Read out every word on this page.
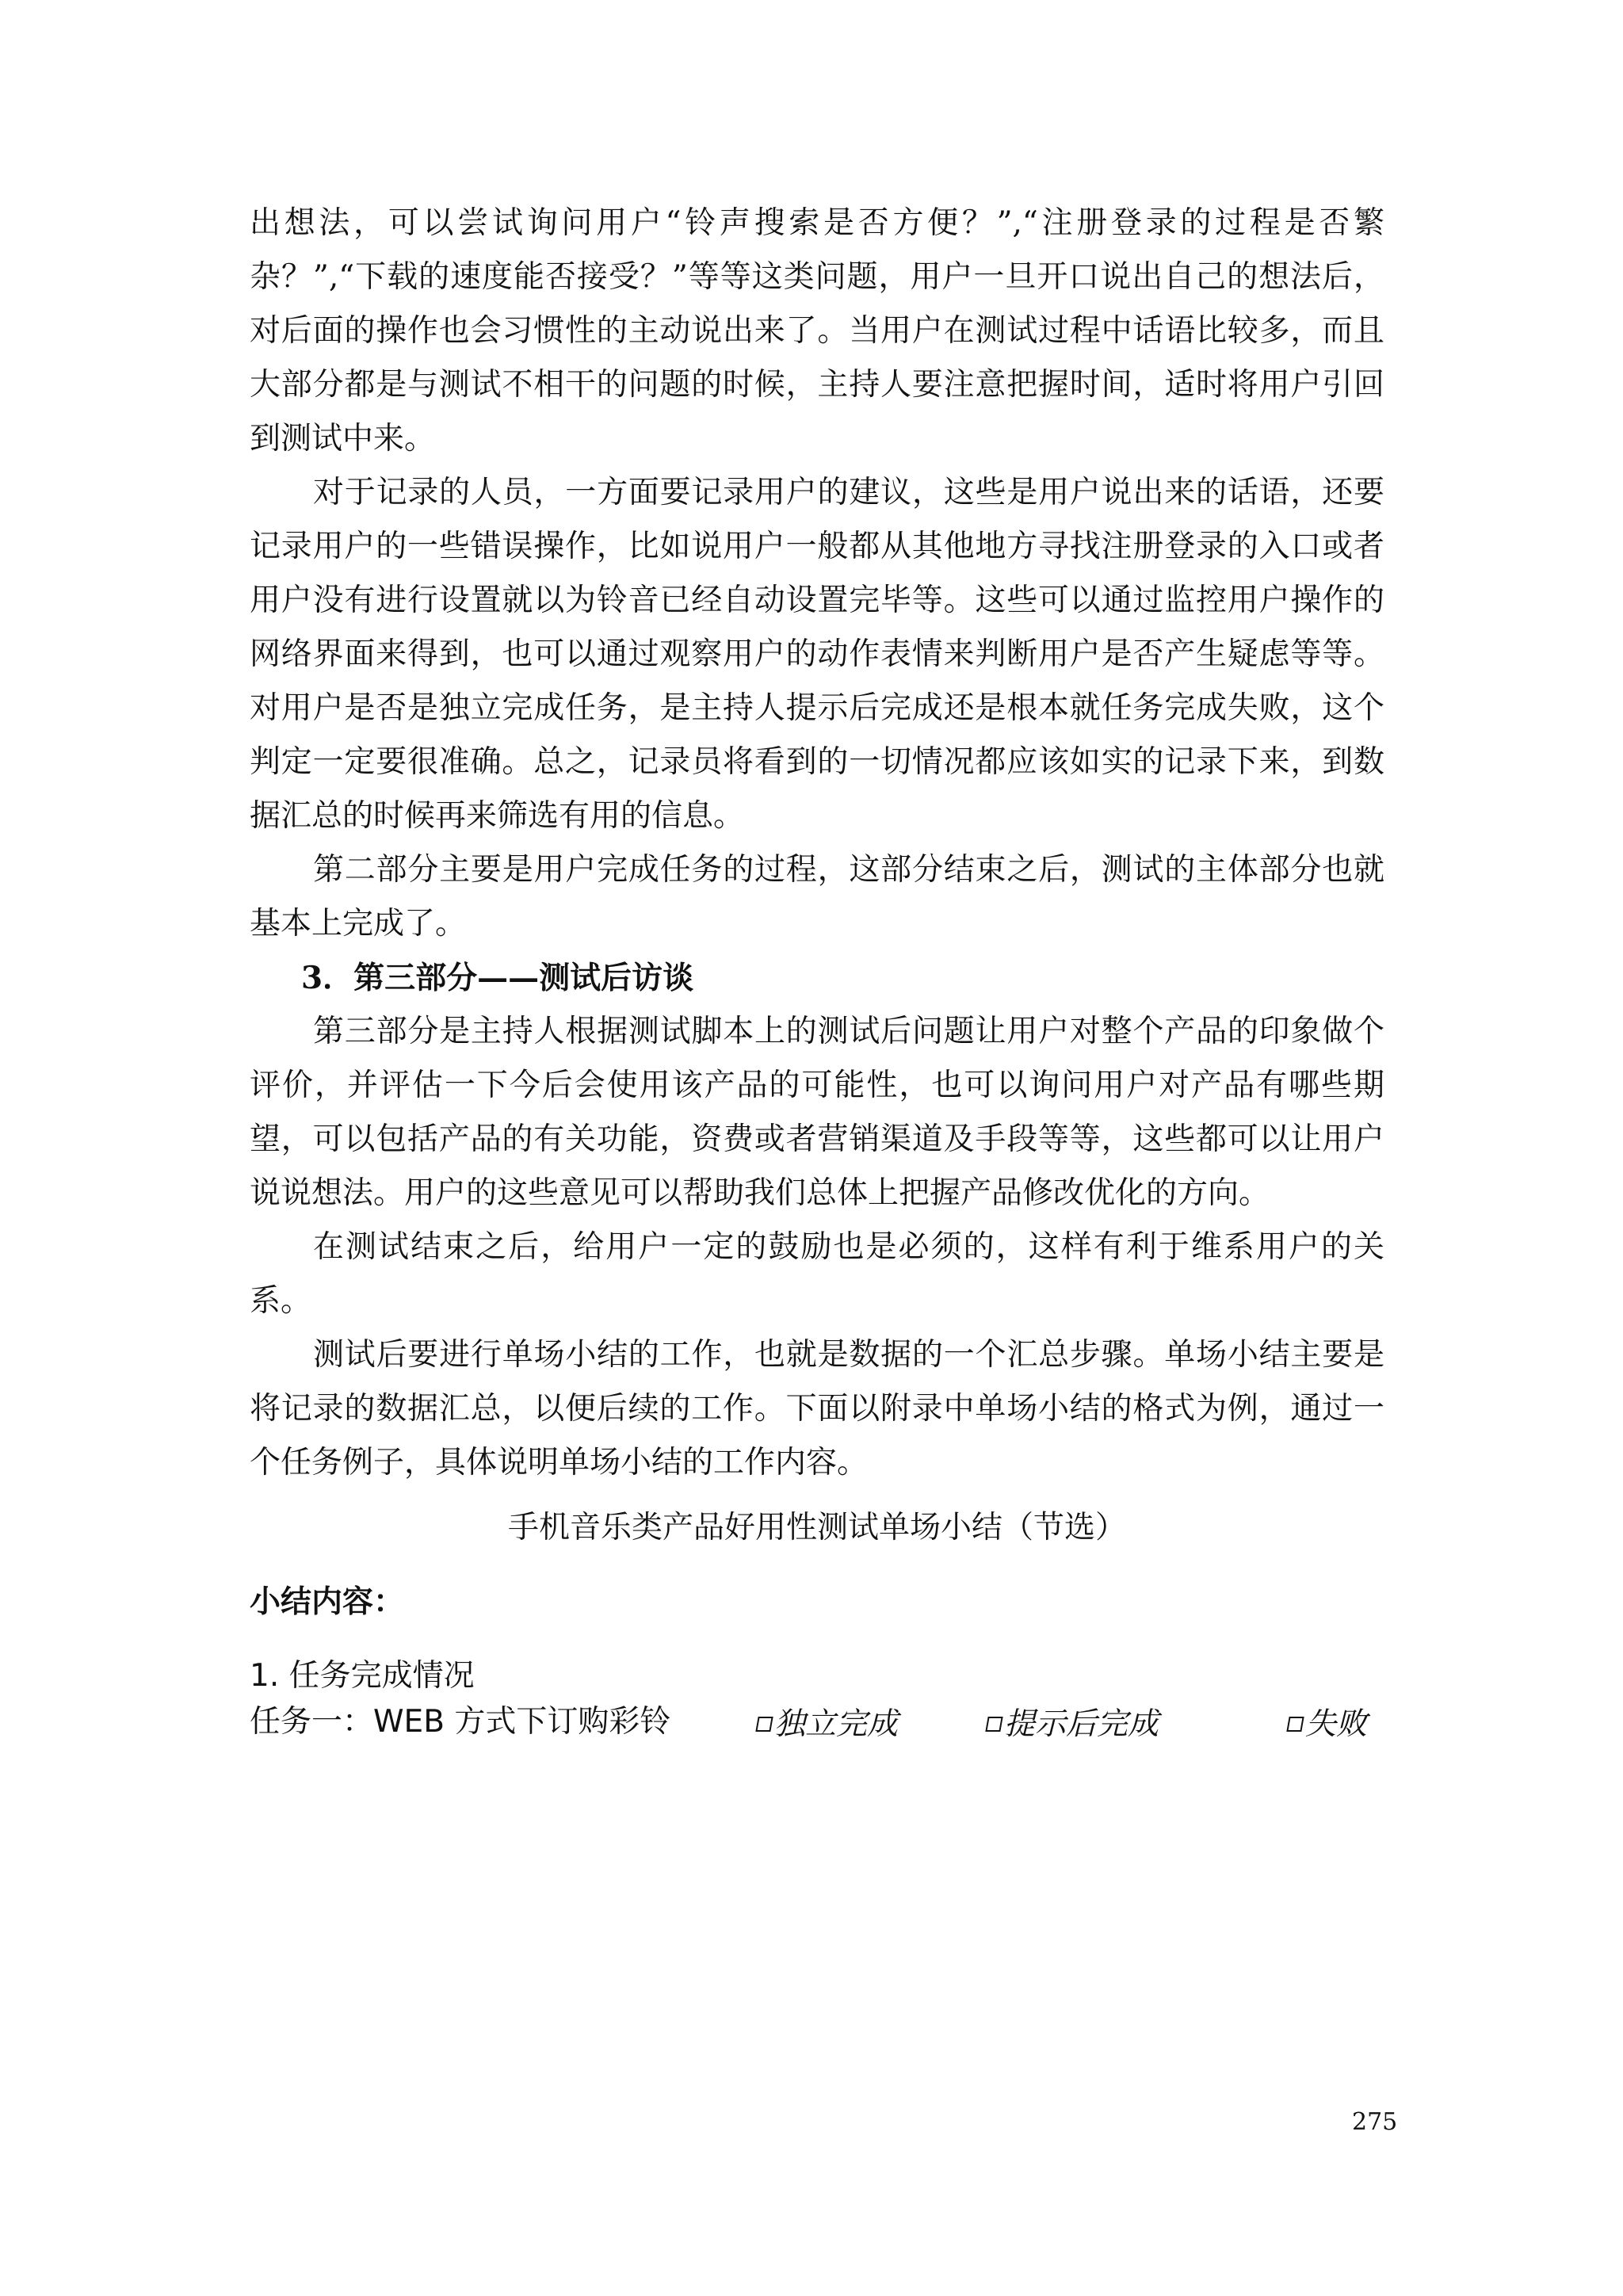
出想法，可以尝试询问用户“铃声搜索是否方便？”,“注册登录的过程是否繁杂？”,“下载的速度能否接受？”等等这类问题，用户一旦开口说出自己的想法后，对后面的操作也会习惯性的主动说出来了。当用户在测试过程中话语比较多，而且大部分都是与测试不相干的问题的时候，主持人要注意把握时间，适时将用户引回到测试中来。

对于记录的人员，一方面要记录用户的建议，这些是用户说出来的话语，还要记录用户的一些错误操作，比如说用户一般都从其他地方寻找注册登录的入口或者用户没有进行设置就以为铃音已经自动设置完毕等。这些可以通过监控用户操作的网络界面来得到，也可以通过观察用户的动作表情来判断用户是否产生疑虑等等。对用户是否是独立完成任务，是主持人提示后完成还是根本就任务完成失败，这个判定一定要很准确。总之，记录员将看到的一切情况都应该如实的记录下来，到数据汇总的时候再来筛选有用的信息。

第二部分主要是用户完成任务的过程，这部分结束之后，测试的主体部分也就基本上完成了。

3．第三部分——测试后访谈

第三部分是主持人根据测试脚本上的测试后问题让用户对整个产品的印象做个评价，并评估一下今后会使用该产品的可能性，也可以询问用户对产品有哪些期望，可以包括产品的有关功能，资费或者营销渠道及手段等等，这些都可以让用户说说想法。用户的这些意见可以帮助我们总体上把握产品修改优化的方向。

在测试结束之后，给用户一定的鼓励也是必须的，这样有利于维系用户的关系。

测试后要进行单场小结的工作，也就是数据的一个汇总步骤。单场小结主要是将记录的数据汇总，以便后续的工作。下面以附录中单场小结的格式为例，通过一个任务例子，具体说明单场小结的工作内容。

手机音乐类产品好用性测试单场小结（节选）
小结内容：
1. 任务完成情况
任务一：WEB 方式下订购彩铃	独立完成	提示后完成	失败
275
